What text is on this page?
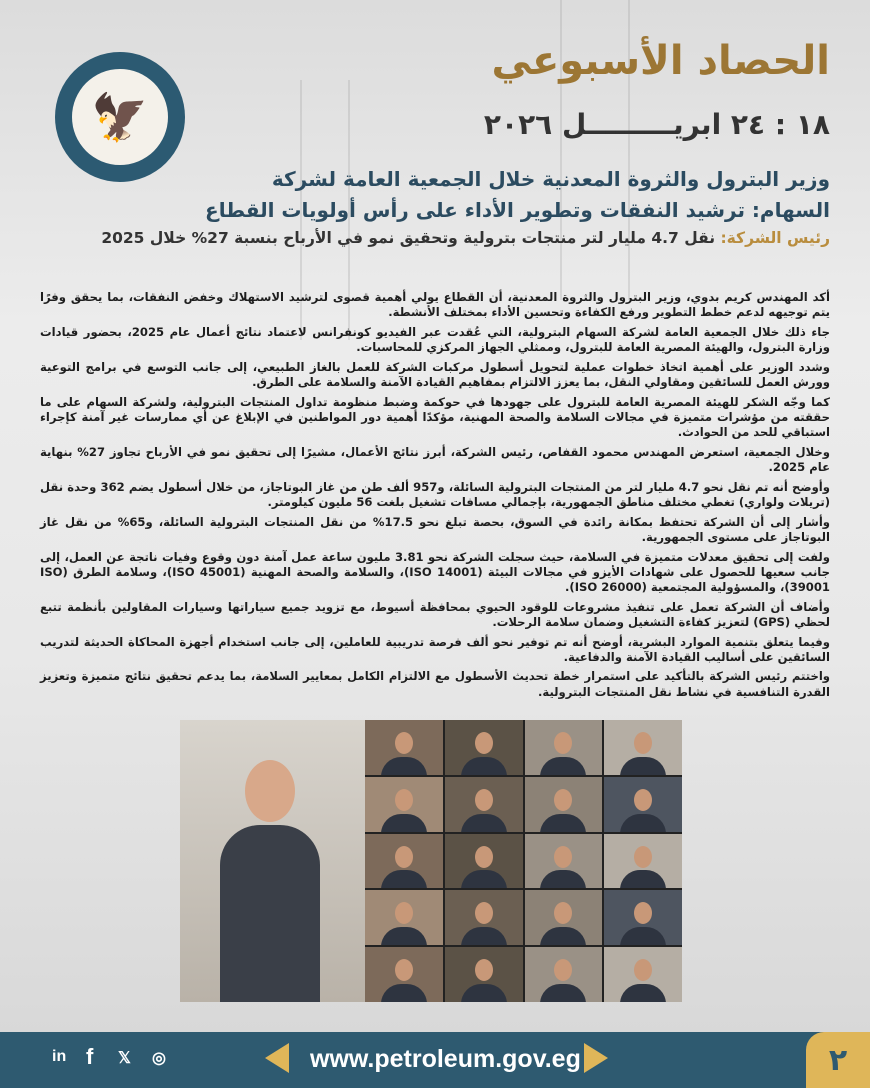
🦅
الحصاد الأسبوعي
١٨ : ٢٤ ابريـــــــــل ٢٠٢٦
وزير البترول والثروة المعدنية خلال الجمعية العامة لشركة السهام: ترشيد النفقات وتطوير الأداء على رأس أولويات القطاع
رئيس الشركة: نقل 4.7 مليار لتر منتجات بترولية وتحقيق نمو في الأرباح بنسبة 27% خلال 2025

أكد المهندس كريم بدوي، وزير البترول والثروة المعدنية، أن القطاع يولي أهمية قصوى لترشيد الاستهلاك وخفض النفقات، بما يحقق وفرًا يتم توجيهه لدعم خطط التطوير ورفع الكفاءة وتحسين الأداء بمختلف الأنشطة.

جاء ذلك خلال الجمعية العامة لشركة السهام البترولية، التي عُقدت عبر الفيديو كونفرانس لاعتماد نتائج أعمال عام 2025، بحضور قيادات وزارة البترول، والهيئة المصرية العامة للبترول، وممثلي الجهاز المركزي للمحاسبات.

وشدد الوزير على أهمية اتخاذ خطوات عملية لتحويل أسطول مركبات الشركة للعمل بالغاز الطبيعي، إلى جانب التوسع في برامج التوعية وورش العمل للسائقين ومقاولي النقل، بما يعزز الالتزام بمفاهيم القيادة الآمنة والسلامة على الطرق.

كما وجّه الشكر للهيئة المصرية العامة للبترول على جهودها في حوكمة وضبط منظومة تداول المنتجات البترولية، ولشركة السهام على ما حققته من مؤشرات متميزة في مجالات السلامة والصحة المهنية، مؤكدًا أهمية دور المواطنين في الإبلاغ عن أي ممارسات غير آمنة كإجراء استباقي للحد من الحوادث.

وخلال الجمعية، استعرض المهندس محمود القفاص، رئيس الشركة، أبرز نتائج الأعمال، مشيرًا إلى تحقيق نمو في الأرباح تجاوز 27% بنهاية عام 2025.

وأوضح أنه تم نقل نحو 4.7 مليار لتر من المنتجات البترولية السائلة، و957 ألف طن من غاز البوتاجاز، من خلال أسطول يضم 362 وحدة نقل (تريلات ولواري) تغطي مختلف مناطق الجمهورية، بإجمالي مسافات تشغيل بلغت 56 مليون كيلومتر.

وأشار إلى أن الشركة تحتفظ بمكانة رائدة في السوق، بحصة تبلغ نحو 17.5% من نقل المنتجات البترولية السائلة، و65% من نقل غاز البوتاجاز على مستوى الجمهورية.

ولفت إلى تحقيق معدلات متميزة في السلامة، حيث سجلت الشركة نحو 3.81 مليون ساعة عمل آمنة دون وقوع وفيات ناتجة عن العمل، إلى جانب سعيها للحصول على شهادات الأيزو في مجالات البيئة (ISO 14001)، والسلامة والصحة المهنية (ISO 45001)، وسلامة الطرق (ISO 39001)، والمسؤولية المجتمعية (ISO 26000).

وأضاف أن الشركة تعمل على تنفيذ مشروعات للوقود الحيوي بمحافظة أسيوط، مع تزويد جميع سياراتها وسيارات المقاولين بأنظمة تتبع لحظي (GPS) لتعزيز كفاءة التشغيل وضمان سلامة الرحلات.

وفيما يتعلق بتنمية الموارد البشرية، أوضح أنه تم توفير نحو ألف فرصة تدريبية للعاملين، إلى جانب استخدام أجهزة المحاكاة الحديثة لتدريب السائقين على أساليب القيادة الآمنة والدفاعية.

واختتم رئيس الشركة بالتأكيد على استمرار خطة تحديث الأسطول مع الالتزام الكامل بمعايير السلامة، بما يدعم تحقيق نتائج متميزة وتعزيز القدرة التنافسية في نشاط نقل المنتجات البترولية.

in f 𝕏 ◎	www.petroleum.gov.eg	٢
